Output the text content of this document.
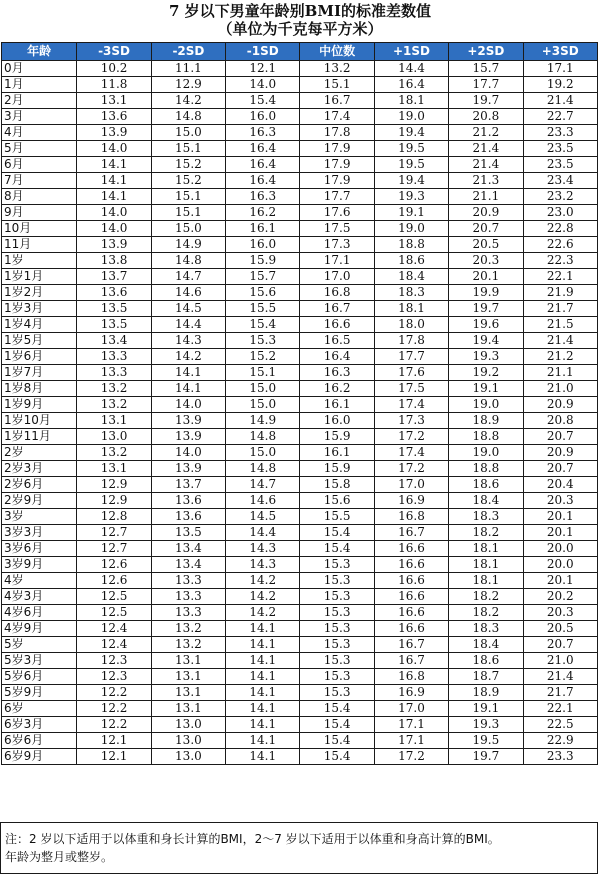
7 岁以下男童年龄别BMI的标准差数值
（单位为千克每平方米）
年龄	-3SD	-2SD	-1SD	中位数	+1SD	+2SD	+3SD
0月	10.2	11.1	12.1	13.2	14.4	15.7	17.1
1月	11.8	12.9	14.0	15.1	16.4	17.7	19.2
2月	13.1	14.2	15.4	16.7	18.1	19.7	21.4
3月	13.6	14.8	16.0	17.4	19.0	20.8	22.7
4月	13.9	15.0	16.3	17.8	19.4	21.2	23.3
5月	14.0	15.1	16.4	17.9	19.5	21.4	23.5
6月	14.1	15.2	16.4	17.9	19.5	21.4	23.5
7月	14.1	15.2	16.4	17.9	19.4	21.3	23.4
8月	14.1	15.1	16.3	17.7	19.3	21.1	23.2
9月	14.0	15.1	16.2	17.6	19.1	20.9	23.0
10月	14.0	15.0	16.1	17.5	19.0	20.7	22.8
11月	13.9	14.9	16.0	17.3	18.8	20.5	22.6
1岁	13.8	14.8	15.9	17.1	18.6	20.3	22.3
1岁1月	13.7	14.7	15.7	17.0	18.4	20.1	22.1
1岁2月	13.6	14.6	15.6	16.8	18.3	19.9	21.9
1岁3月	13.5	14.5	15.5	16.7	18.1	19.7	21.7
1岁4月	13.5	14.4	15.4	16.6	18.0	19.6	21.5
1岁5月	13.4	14.3	15.3	16.5	17.8	19.4	21.4
1岁6月	13.3	14.2	15.2	16.4	17.7	19.3	21.2
1岁7月	13.3	14.1	15.1	16.3	17.6	19.2	21.1
1岁8月	13.2	14.1	15.0	16.2	17.5	19.1	21.0
1岁9月	13.2	14.0	15.0	16.1	17.4	19.0	20.9
1岁10月	13.1	13.9	14.9	16.0	17.3	18.9	20.8
1岁11月	13.0	13.9	14.8	15.9	17.2	18.8	20.7
2岁	13.2	14.0	15.0	16.1	17.4	19.0	20.9
2岁3月	13.1	13.9	14.8	15.9	17.2	18.8	20.7
2岁6月	12.9	13.7	14.7	15.8	17.0	18.6	20.4
2岁9月	12.9	13.6	14.6	15.6	16.9	18.4	20.3
3岁	12.8	13.6	14.5	15.5	16.8	18.3	20.1
3岁3月	12.7	13.5	14.4	15.4	16.7	18.2	20.1
3岁6月	12.7	13.4	14.3	15.4	16.6	18.1	20.0
3岁9月	12.6	13.4	14.3	15.3	16.6	18.1	20.0
4岁	12.6	13.3	14.2	15.3	16.6	18.1	20.1
4岁3月	12.5	13.3	14.2	15.3	16.6	18.2	20.2
4岁6月	12.5	13.3	14.2	15.3	16.6	18.2	20.3
4岁9月	12.4	13.2	14.1	15.3	16.6	18.3	20.5
5岁	12.4	13.2	14.1	15.3	16.7	18.4	20.7
5岁3月	12.3	13.1	14.1	15.3	16.7	18.6	21.0
5岁6月	12.3	13.1	14.1	15.3	16.8	18.7	21.4
5岁9月	12.2	13.1	14.1	15.3	16.9	18.9	21.7
6岁	12.2	13.1	14.1	15.4	17.0	19.1	22.1
6岁3月	12.2	13.0	14.1	15.4	17.1	19.3	22.5
6岁6月	12.1	13.0	14.1	15.4	17.1	19.5	22.9
6岁9月	12.1	13.0	14.1	15.4	17.2	19.7	23.3
注：2 岁以下适用于以体重和身长计算的BMI，2～7 岁以下适用于以体重和身高计算的BMI。
年龄为整月或整岁。
